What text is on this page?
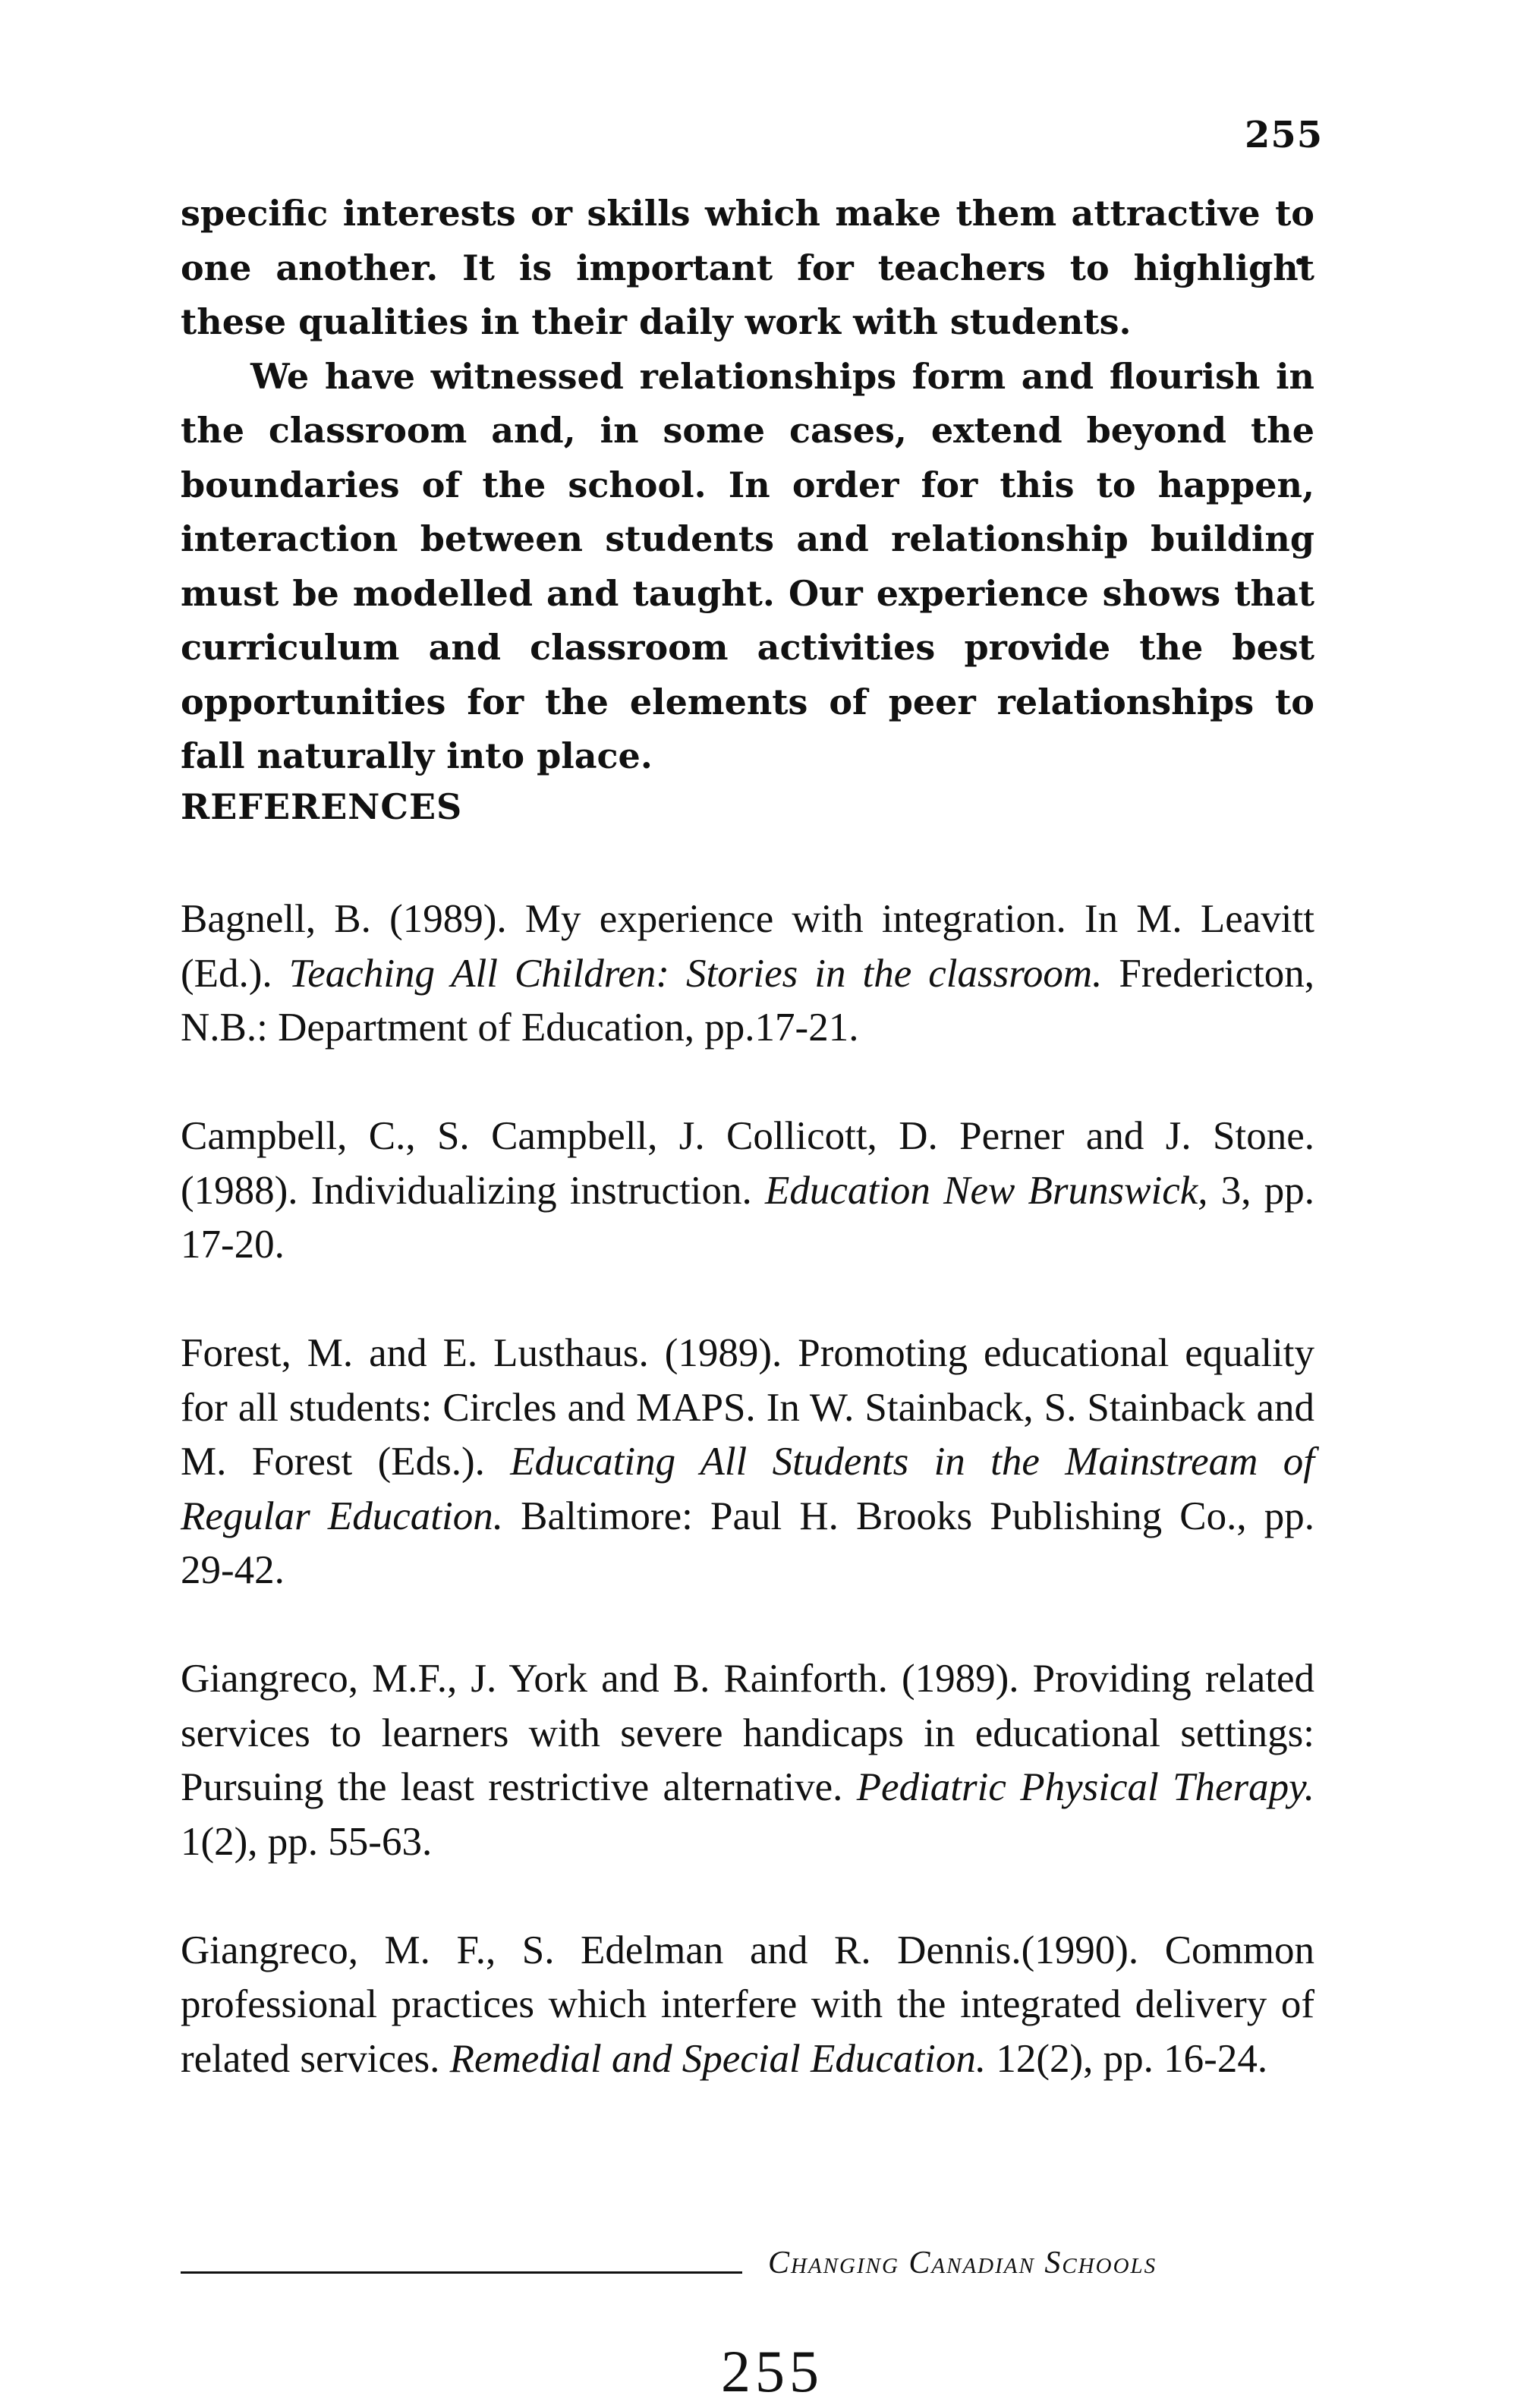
255

specific interests or skills which make them attractive to one another. It is important for teachers to highlight these qualities in their daily work with students.

We have witnessed relationships form and flourish in the classroom and, in some cases, extend beyond the boundaries of the school. In order for this to happen, interaction between students and relationship building must be modelled and taught. Our experience shows that curriculum and classroom activities provide the best opportunities for the elements of peer relationships to fall naturally into place.

REFERENCES

Bagnell, B. (1989). My experience with integration. In M. Leavitt (Ed.). Teaching All Children: Stories in the classroom. Fredericton, N.B.: Department of Education, pp.17-21.

Campbell, C., S. Campbell, J. Collicott, D. Perner and J. Stone. (1988). Individualizing instruction. Education New Brunswick, 3, pp. 17-20.

Forest, M. and E. Lusthaus. (1989). Promoting educational equality for all students: Circles and MAPS. In W. Stainback, S. Stainback and M. Forest (Eds.). Educating All Students in the Mainstream of Regular Education. Baltimore: Paul H. Brooks Publishing Co., pp. 29-42.

Giangreco, M.F., J. York and B. Rainforth. (1989). Providing related services to learners with severe handicaps in educational settings: Pursuing the least restrictive alternative. Pediatric Physical Therapy. 1(2), pp. 55-63.

Giangreco, M. F., S. Edelman and R. Dennis.(1990). Common professional practices which interfere with the integrated delivery of related services. Remedial and Special Education. 12(2), pp. 16-24.

Changing Canadian Schools
255
